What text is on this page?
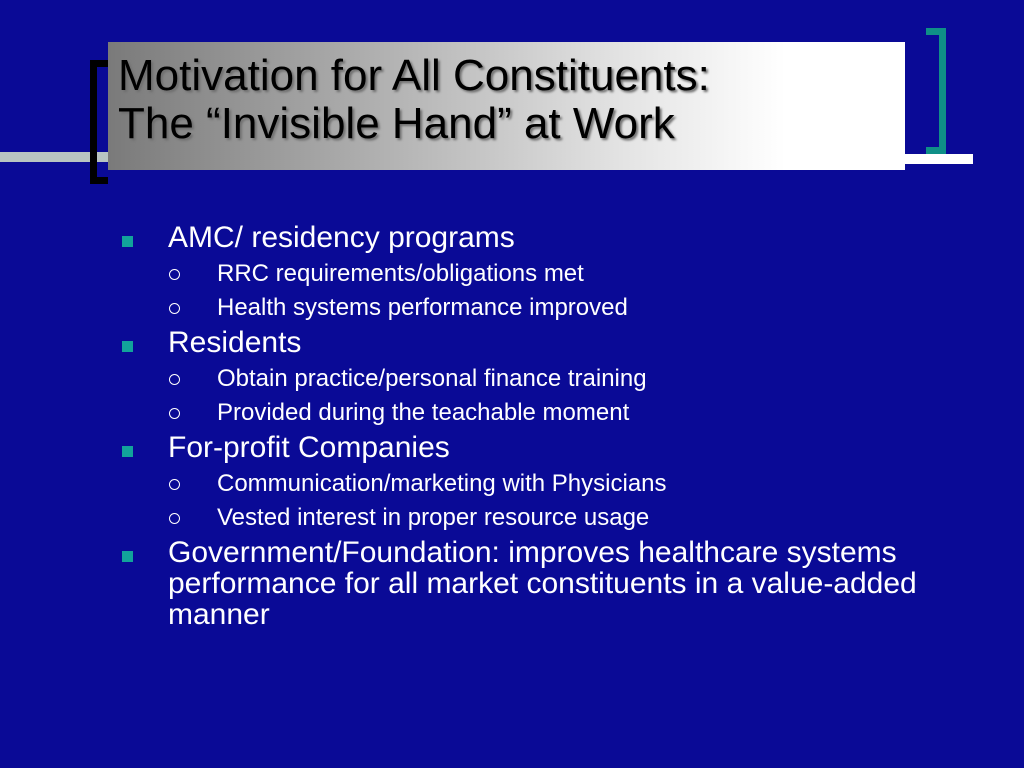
Motivation for All Constituents:
The “Invisible Hand” at Work
AMC/ residency programs
RRC requirements/obligations met
Health systems performance improved
Residents
Obtain practice/personal finance training
Provided during the teachable moment
For-profit Companies
Communication/marketing with Physicians
Vested interest in proper resource usage
Government/Foundation: improves healthcare systems performance for all market constituents in a value-added manner
